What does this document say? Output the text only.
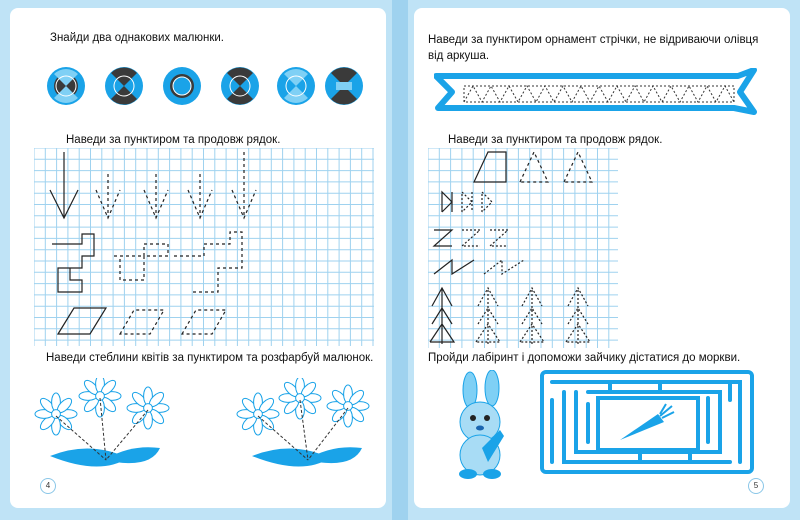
Знайди два однакових малюнки.
Наведи за пунктиром та продовж рядок.
Наведи стеблини квітів за пунктиром та розфарбуй малюнок.
4
Наведи за пунктиром орнамент стрічки, не відриваючи олівця
від аркуша.
Наведи за пунктиром та продовж рядок.
Пройди лабіринт і допоможи зайчику дістатися до моркви.
5
